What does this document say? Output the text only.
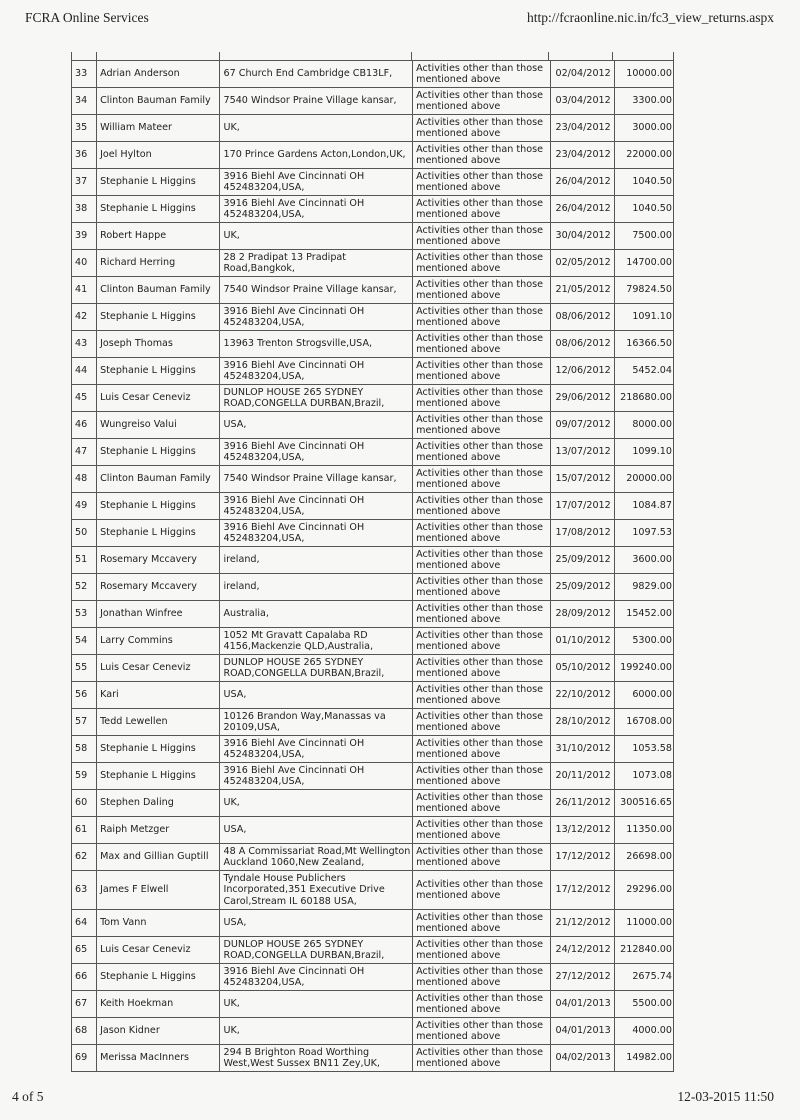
FCRA Online Services	http://fcraonline.nic.in/fc3_view_returns.aspx
33	Adrian Anderson	67 Church End Cambridge CB13LF,	Activities other than those
mentioned above	02/04/2012	10000.00
34	Clinton Bauman Family	7540 Windsor Praine Village kansar,	Activities other than those
mentioned above	03/04/2012	3300.00
35	William Mateer	UK,	Activities other than those
mentioned above	23/04/2012	3000.00
36	Joel Hylton	170 Prince Gardens Acton,London,UK,	Activities other than those
mentioned above	23/04/2012	22000.00
37	Stephanie L Higgins	3916 Biehl Ave Cincinnati OH
452483204,USA,	Activities other than those
mentioned above	26/04/2012	1040.50
38	Stephanie L Higgins	3916 Biehl Ave Cincinnati OH
452483204,USA,	Activities other than those
mentioned above	26/04/2012	1040.50
39	Robert Happe	UK,	Activities other than those
mentioned above	30/04/2012	7500.00
40	Richard Herring	28 2 Pradipat 13 Pradipat
Road,Bangkok,	Activities other than those
mentioned above	02/05/2012	14700.00
41	Clinton Bauman Family	7540 Windsor Praine Village kansar,	Activities other than those
mentioned above	21/05/2012	79824.50
42	Stephanie L Higgins	3916 Biehl Ave Cincinnati OH
452483204,USA,	Activities other than those
mentioned above	08/06/2012	1091.10
43	Joseph Thomas	13963 Trenton Strogsville,USA,	Activities other than those
mentioned above	08/06/2012	16366.50
44	Stephanie L Higgins	3916 Biehl Ave Cincinnati OH
452483204,USA,	Activities other than those
mentioned above	12/06/2012	5452.04
45	Luis Cesar Ceneviz	DUNLOP HOUSE 265 SYDNEY
ROAD,CONGELLA DURBAN,Brazil,	Activities other than those
mentioned above	29/06/2012	218680.00
46	Wungreiso Valui	USA,	Activities other than those
mentioned above	09/07/2012	8000.00
47	Stephanie L Higgins	3916 Biehl Ave Cincinnati OH
452483204,USA,	Activities other than those
mentioned above	13/07/2012	1099.10
48	Clinton Bauman Family	7540 Windsor Praine Village kansar,	Activities other than those
mentioned above	15/07/2012	20000.00
49	Stephanie L Higgins	3916 Biehl Ave Cincinnati OH
452483204,USA,	Activities other than those
mentioned above	17/07/2012	1084.87
50	Stephanie L Higgins	3916 Biehl Ave Cincinnati OH
452483204,USA,	Activities other than those
mentioned above	17/08/2012	1097.53
51	Rosemary Mccavery	ireland,	Activities other than those
mentioned above	25/09/2012	3600.00
52	Rosemary Mccavery	ireland,	Activities other than those
mentioned above	25/09/2012	9829.00
53	Jonathan Winfree	Australia,	Activities other than those
mentioned above	28/09/2012	15452.00
54	Larry Commins	1052 Mt Gravatt Capalaba RD
4156,Mackenzie QLD,Australia,	Activities other than those
mentioned above	01/10/2012	5300.00
55	Luis Cesar Ceneviz	DUNLOP HOUSE 265 SYDNEY
ROAD,CONGELLA DURBAN,Brazil,	Activities other than those
mentioned above	05/10/2012	199240.00
56	Kari	USA,	Activities other than those
mentioned above	22/10/2012	6000.00
57	Tedd Lewellen	10126 Brandon Way,Manassas va
20109,USA,	Activities other than those
mentioned above	28/10/2012	16708.00
58	Stephanie L Higgins	3916 Biehl Ave Cincinnati OH
452483204,USA,	Activities other than those
mentioned above	31/10/2012	1053.58
59	Stephanie L Higgins	3916 Biehl Ave Cincinnati OH
452483204,USA,	Activities other than those
mentioned above	20/11/2012	1073.08
60	Stephen Daling	UK,	Activities other than those
mentioned above	26/11/2012	300516.65
61	Raiph Metzger	USA,	Activities other than those
mentioned above	13/12/2012	11350.00
62	Max and Gillian Guptill	48 A Commissariat Road,Mt Wellington
Auckland 1060,New Zealand,	Activities other than those
mentioned above	17/12/2012	26698.00
63	James F Elwell	Tyndale House Publichers
Incorporated,351 Executive Drive
Carol,Stream IL 60188 USA,	Activities other than those
mentioned above	17/12/2012	29296.00
64	Tom Vann	USA,	Activities other than those
mentioned above	21/12/2012	11000.00
65	Luis Cesar Ceneviz	DUNLOP HOUSE 265 SYDNEY
ROAD,CONGELLA DURBAN,Brazil,	Activities other than those
mentioned above	24/12/2012	212840.00
66	Stephanie L Higgins	3916 Biehl Ave Cincinnati OH
452483204,USA,	Activities other than those
mentioned above	27/12/2012	2675.74
67	Keith Hoekman	UK,	Activities other than those
mentioned above	04/01/2013	5500.00
68	Jason Kidner	UK,	Activities other than those
mentioned above	04/01/2013	4000.00
69	Merissa MacInners	294 B Brighton Road Worthing
West,West Sussex BN11 Zey,UK,	Activities other than those
mentioned above	04/02/2013	14982.00
4 of 5	12-03-2015 11:50
